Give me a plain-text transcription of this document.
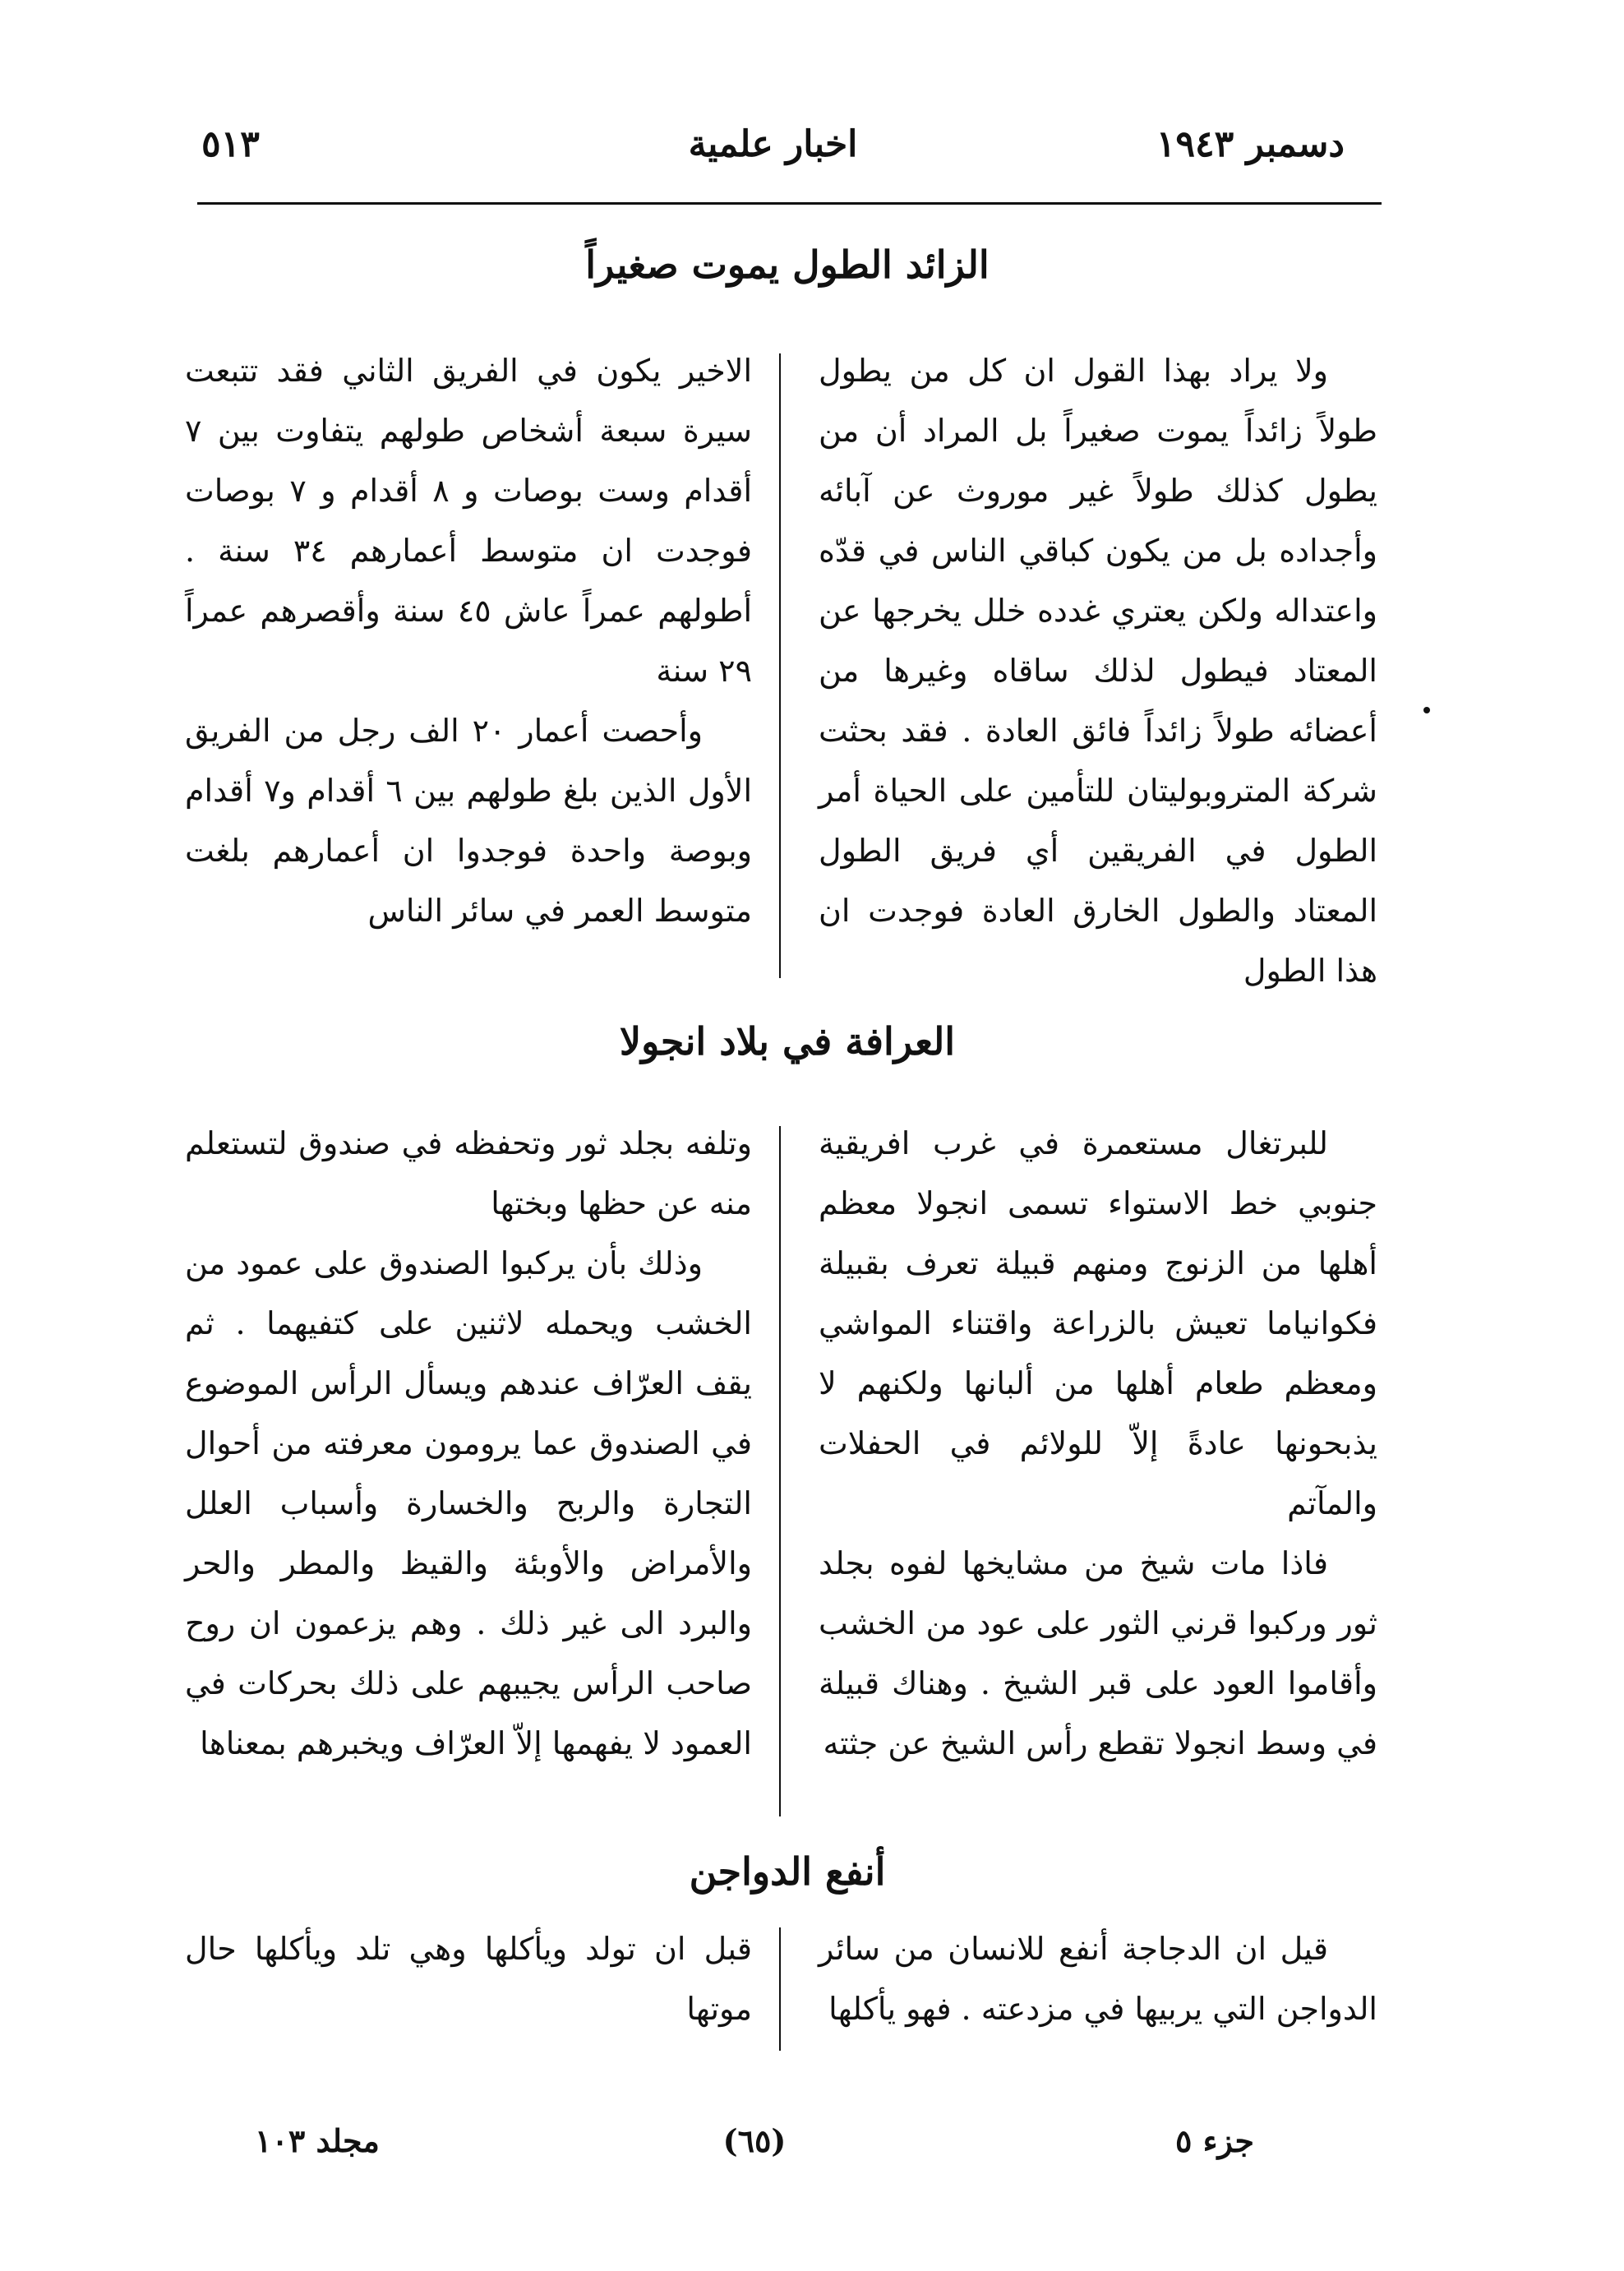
دسمبر ١٩٤٣
اخبار علمية
٥١٣
الزائد الطول يموت صغيراً

ولا يراد بهذا القول ان كل من يطول طولاً زائداً يموت صغيراً بل المراد أن من يطول كذلك طولاً غير موروث عن آبائه وأجداده بل من يكون كباقي الناس في قدّه واعتداله ولكن يعتري غدده خلل يخرجها عن المعتاد فيطول لذلك ساقاه وغيرها من أعضائه طولاً زائداً فائق العادة . فقد بحثت شركة المتروبوليتان للتأمين على الحياة أمر الطول في الفريقين أي فريق الطول المعتاد والطول الخارق العادة فوجدت ان هذا الطول

الاخير يكون في الفريق الثاني فقد تتبعت سيرة سبعة أشخاص طولهم يتفاوت بين ٧ أقدام وست بوصات و ٨ أقدام و ٧ بوصات فوجدت ان متوسط أعمارهم ٣٤ سنة . أطولهم عمراً عاش ٤٥ سنة وأقصرهم عمراً ٢٩ سنة

وأحصت أعمار ٢٠ الف رجل من الفريق الأول الذين بلغ طولهم بين ٦ أقدام و٧ أقدام وبوصة واحدة فوجدوا ان أعمارهم بلغت متوسط العمر في سائر الناس

العرافة في بلاد انجولا

للبرتغال مستعمرة في غرب افريقية جنوبي خط الاستواء تسمى انجولا معظم أهلها من الزنوج ومنهم قبيلة تعرف بقبيلة فكوانياما تعيش بالزراعة واقتناء المواشي ومعظم طعام أهلها من ألبانها ولكنهم لا يذبحونها عادةً إلاّ للولائم في الحفلات والمآتم

فاذا مات شيخ من مشايخها لفوه بجلد ثور وركبوا قرني الثور على عود من الخشب وأقاموا العود على قبر الشيخ . وهناك قبيلة في وسط انجولا تقطع رأس الشيخ عن جثته

وتلفه بجلد ثور وتحفظه في صندوق لتستعلم منه عن حظها وبختها

وذلك بأن يركبوا الصندوق على عمود من الخشب ويحمله لاثنين على كتفيهما . ثم يقف العرّاف عندهم ويسأل الرأس الموضوع في الصندوق عما يرومون معرفته من أحوال التجارة والربح والخسارة وأسباب العلل والأمراض والأوبئة والقيظ والمطر والحر والبرد الى غير ذلك . وهم يزعمون ان روح صاحب الرأس يجيبهم على ذلك بحركات في العمود لا يفهمها إلاّ العرّاف ويخبرهم بمعناها

أنفع الدواجن

قيل ان الدجاجة أنفع للانسان من سائر الدواجن التي يربيها في مزدعته . فهو يأكلها

قبل ان تولد ويأكلها وهي تلد ويأكلها حال موتها

جزء ٥
(٦٥)
مجلد ١٠٣
